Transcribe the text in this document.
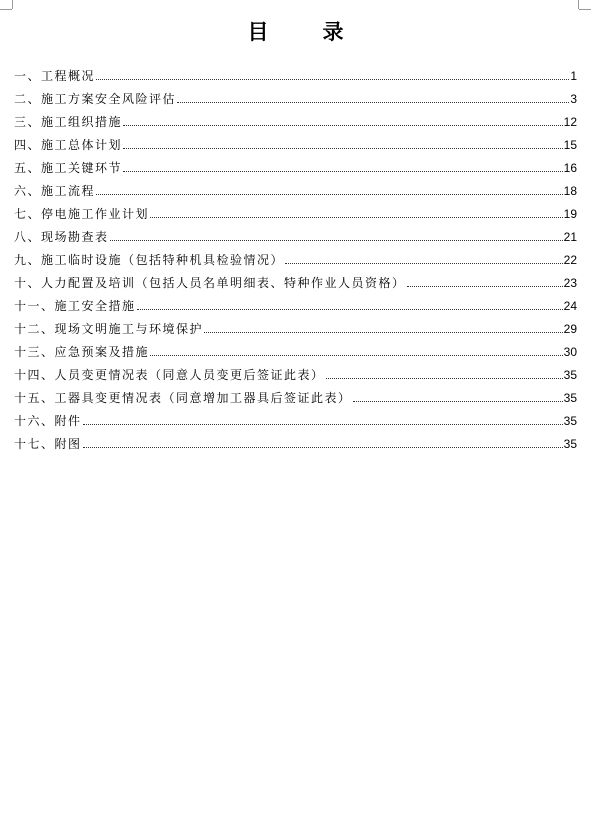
目	录
一、工程概况	1
二、施工方案安全风险评估	3
三、施工组织措施	12
四、施工总体计划	15
五、施工关键环节	16
六、施工流程	18
七、停电施工作业计划	19
八、现场勘查表	21
九、施工临时设施（包括特种机具检验情况）	22
十、人力配置及培训（包括人员名单明细表、特种作业人员资格）	23
十一、施工安全措施	24
十二、现场文明施工与环境保护	29
十三、应急预案及措施	30
十四、人员变更情况表（同意人员变更后签证此表）	35
十五、工器具变更情况表（同意增加工器具后签证此表）	35
十六、附件	35
十七、附图	35
